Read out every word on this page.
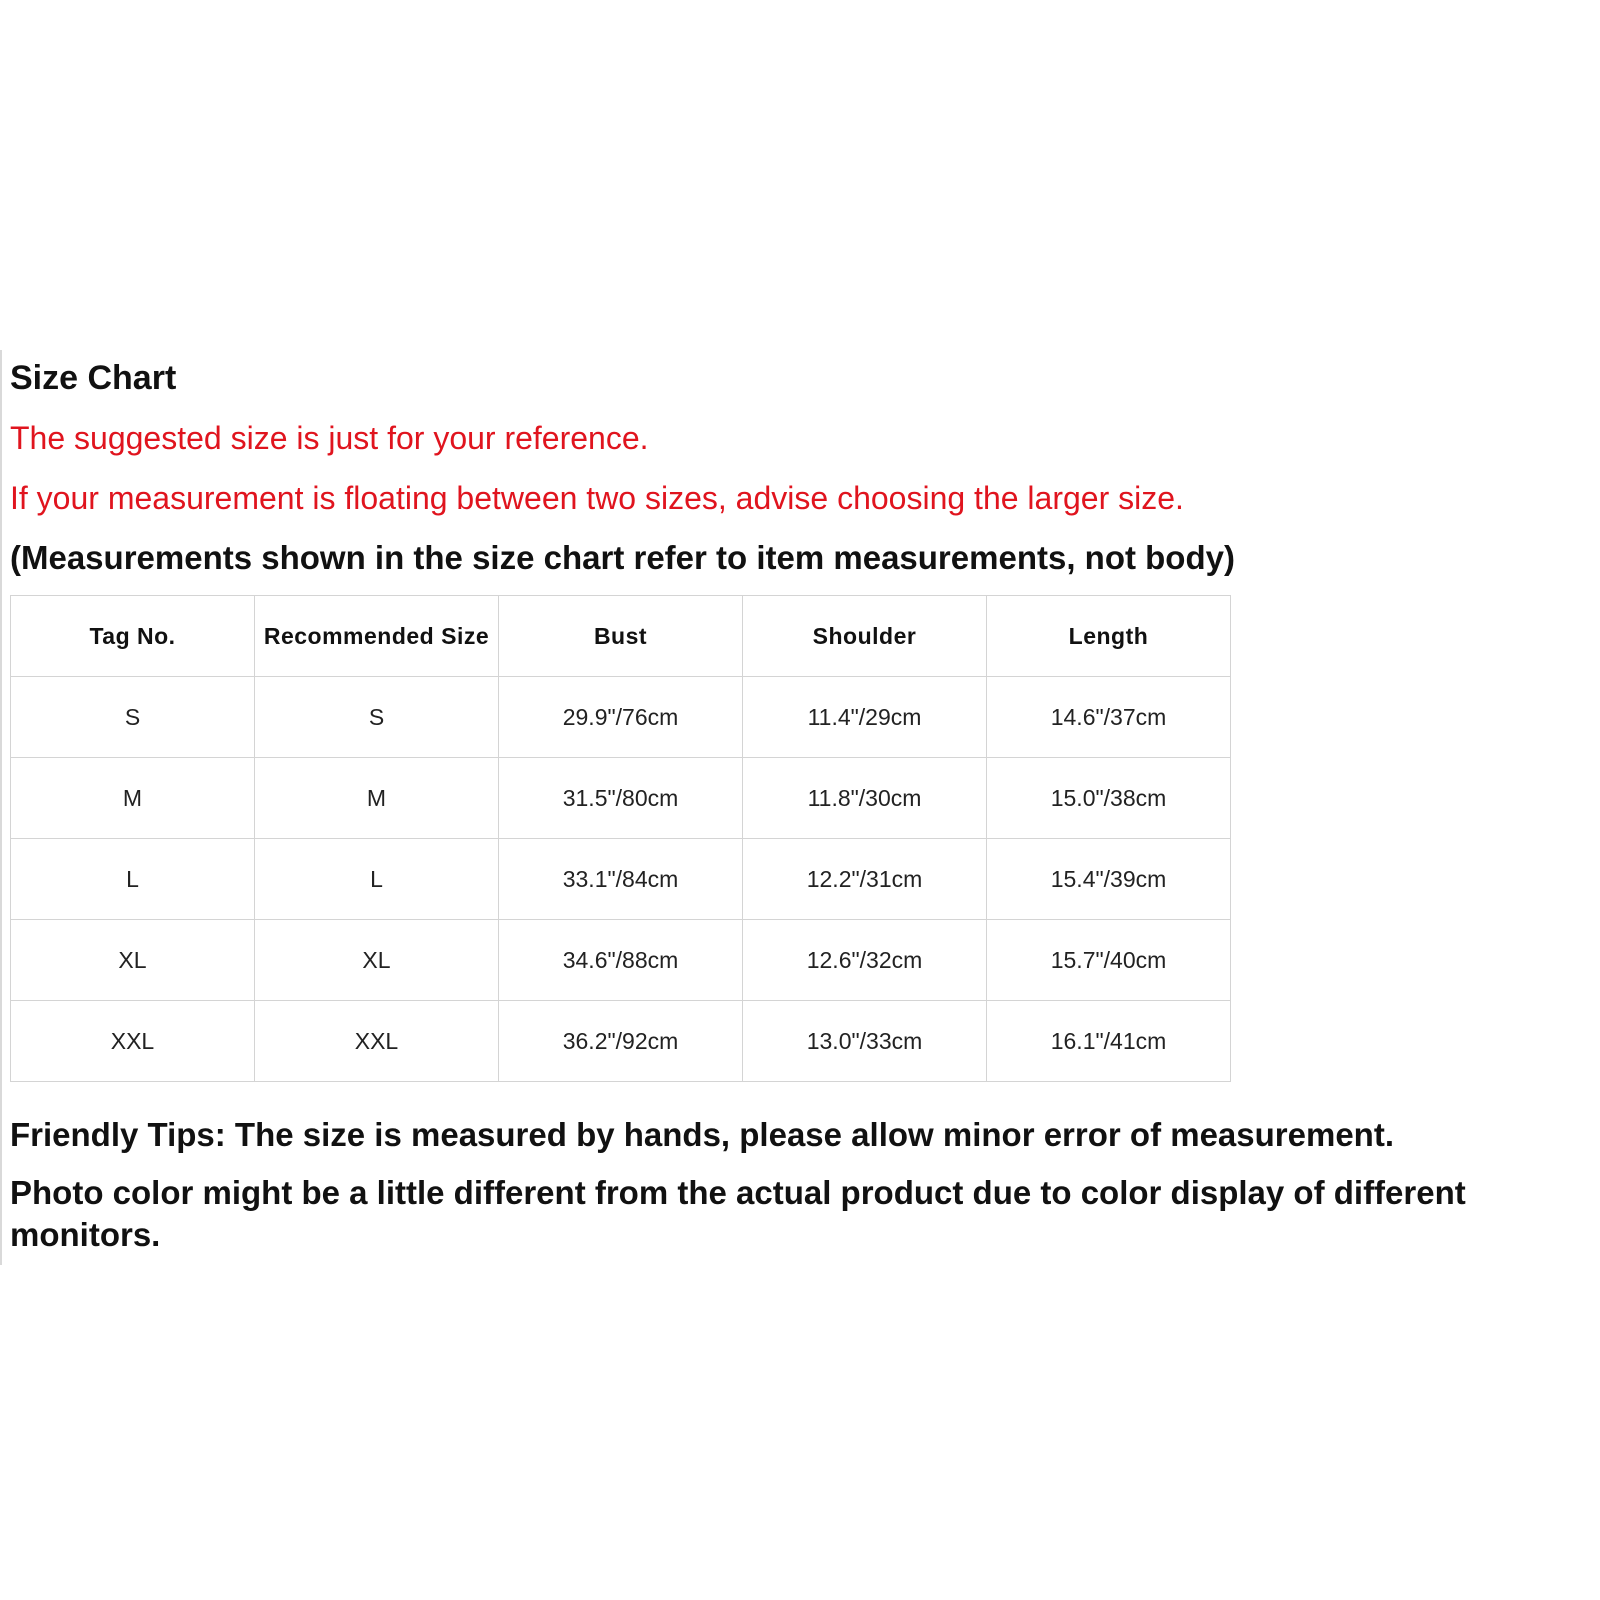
Size Chart

The suggested size is just for your reference.

If your measurement is floating between two sizes, advise choosing the larger size.

(Measurements shown in the size chart refer to item measurements, not body)

Tag No.	Recommended Size	Bust	Shoulder	Length
S	S	29.9"/76cm	11.4"/29cm	14.6"/37cm
M	M	31.5"/80cm	11.8"/30cm	15.0"/38cm
L	L	33.1"/84cm	12.2"/31cm	15.4"/39cm
XL	XL	34.6"/88cm	12.6"/32cm	15.7"/40cm
XXL	XXL	36.2"/92cm	13.0"/33cm	16.1"/41cm

Friendly Tips: The size is measured by hands, please allow minor error of measurement.

Photo color might be a little different from the actual product due to color display of different monitors.
